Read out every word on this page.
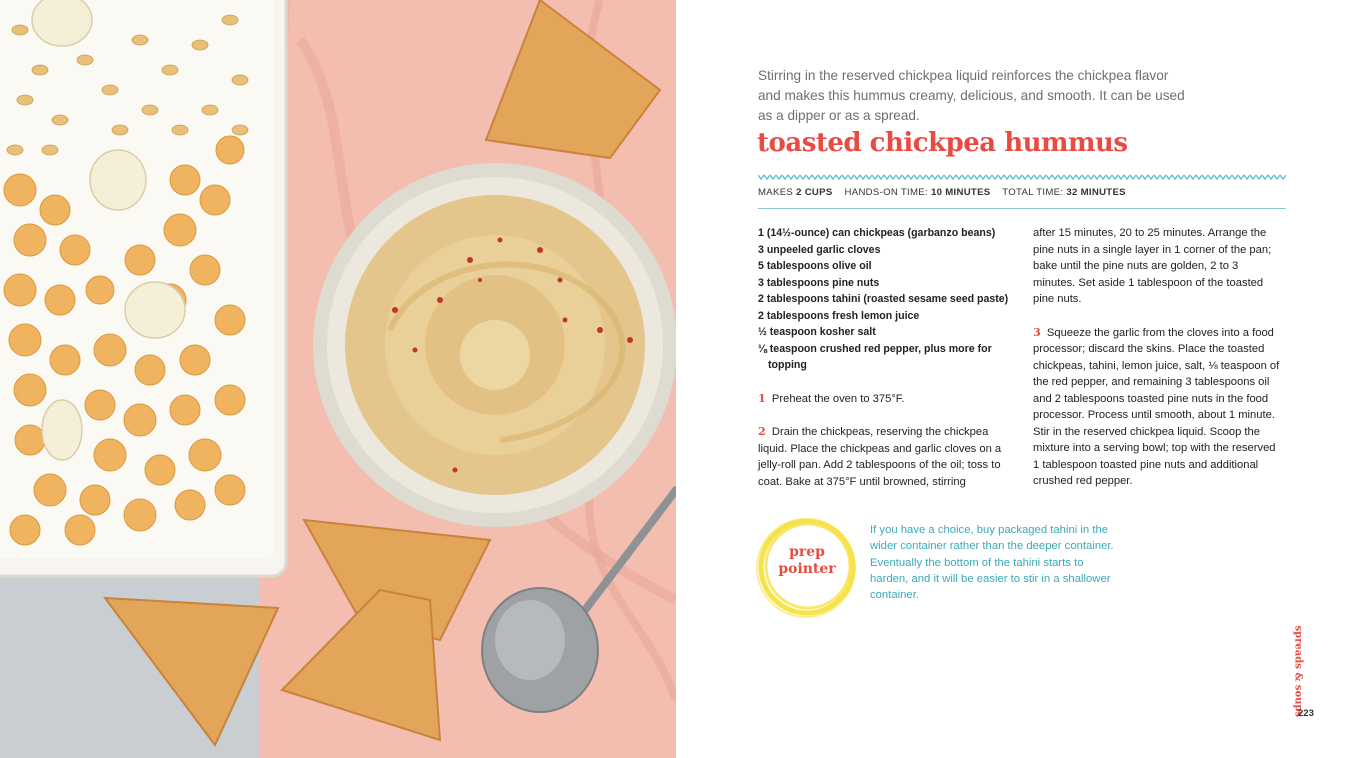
Stirring in the reserved chickpea liquid reinforces the chickpea flavor and makes this hummus creamy, delicious, and smooth. It can be used as a dipper or as a spread.

toasted chickpea hummus
MAKES 2 CUPS HANDS-ON TIME: 10 MINUTES TOTAL TIME: 32 MINUTES
1 (14½-ounce) can chickpeas (garbanzo beans)
3 unpeeled garlic cloves
5 tablespoons olive oil
3 tablespoons pine nuts
2 tablespoons tahini (roasted sesame seed paste)
2 tablespoons fresh lemon juice
½ teaspoon kosher salt
⅛ teaspoon crushed red pepper, plus more for topping

1 Preheat the oven to 375°F.

2 Drain the chickpeas, reserving the chickpea liquid. Place the chickpeas and garlic cloves on a jelly-roll pan. Add 2 tablespoons of the oil; toss to coat. Bake at 375°F until browned, stirring

after 15 minutes, 20 to 25 minutes. Arrange the pine nuts in a single layer in 1 corner of the pan; bake until the pine nuts are golden, 2 to 3 minutes. Set aside 1 tablespoon of the toasted pine nuts.

3 Squeeze the garlic from the cloves into a food processor; discard the skins. Place the toasted chickpeas, tahini, lemon juice, salt, ⅛ teaspoon of the red pepper, and remaining 3 tablespoons oil and 2 tablespoons toasted pine nuts in the food processor. Process until smooth, about 1 minute. Stir in the reserved chickpea liquid. Scoop the mixture into a serving bowl; top with the reserved 1 tablespoon toasted pine nuts and additional crushed red pepper.

prep
pointer

If you have a choice, buy packaged tahini in the wider container rather than the deeper container. Eventually the bottom of the tahini starts to harden, and it will be easier to stir in a shallower container.

spreads & soups
223
